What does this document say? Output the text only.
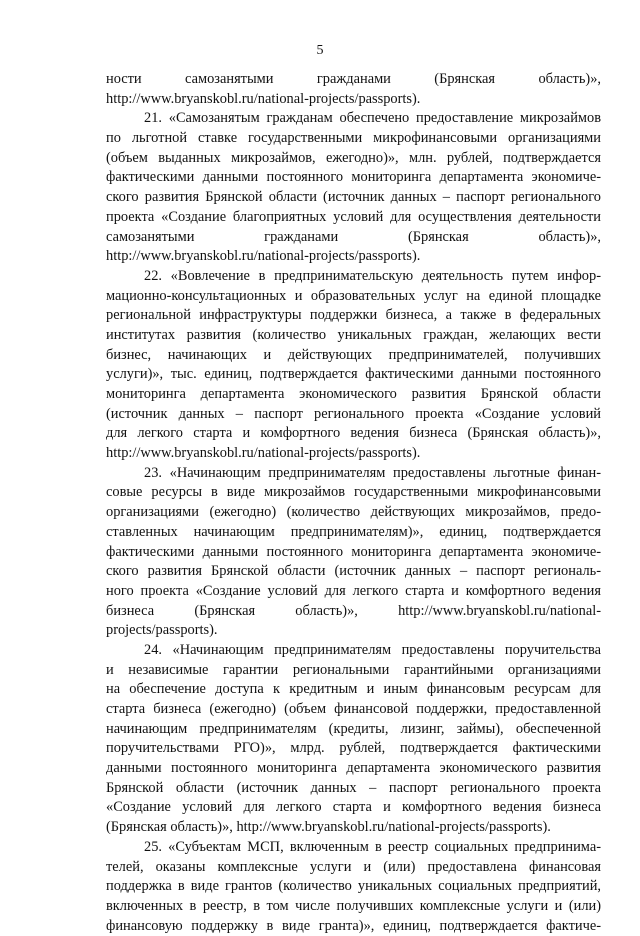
5
ности самозанятыми гражданами (Брянская область)»,
http://www.bryanskobl.ru/national-projects/passports).
21. «Самозанятым гражданам обеспечено предоставление микрозаймов
по льготной ставке государственными микрофинансовыми организациями
(объем выданных микрозаймов, ежегодно)», млн. рублей, подтверждается
фактическими данными постоянного мониторинга департамента экономиче-
ского развития Брянской области (источник данных – паспорт регионального
проекта «Создание благоприятных условий для осуществления деятельности
самозанятыми гражданами (Брянская область)»,
http://www.bryanskobl.ru/national-projects/passports).
22. «Вовлечение в предпринимательскую деятельность путем инфор-
мационно-консультационных и образовательных услуг на единой площадке
региональной инфраструктуры поддержки бизнеса, а также в федеральных
институтах развития (количество уникальных граждан, желающих вести
бизнес, начинающих и действующих предпринимателей, получивших
услуги)», тыс. единиц, подтверждается фактическими данными постоянного
мониторинга департамента экономического развития Брянской области
(источник данных – паспорт регионального проекта «Создание условий
для легкого старта и комфортного ведения бизнеса (Брянская область)»,
http://www.bryanskobl.ru/national-projects/passports).
23. «Начинающим предпринимателям предоставлены льготные финан-
совые ресурсы в виде микрозаймов государственными микрофинансовыми
организациями (ежегодно) (количество действующих микрозаймов, предо-
ставленных начинающим предпринимателям)», единиц, подтверждается
фактическими данными постоянного мониторинга департамента экономиче-
ского развития Брянской области (источник данных – паспорт региональ-
ного проекта «Создание условий для легкого старта и комфортного ведения
бизнеса (Брянская область)», http://www.bryanskobl.ru/national-
projects/passports).
24. «Начинающим предпринимателям предоставлены поручительства
и независимые гарантии региональными гарантийными организациями
на обеспечение доступа к кредитным и иным финансовым ресурсам для
старта бизнеса (ежегодно) (объем финансовой поддержки, предоставленной
начинающим предпринимателям (кредиты, лизинг, займы), обеспеченной
поручительствами РГО)», млрд. рублей, подтверждается фактическими
данными постоянного мониторинга департамента экономического развития
Брянской области (источник данных – паспорт регионального проекта
«Создание условий для легкого старта и комфортного ведения бизнеса
(Брянская область)», http://www.bryanskobl.ru/national-projects/passports).
25. «Субъектам МСП, включенным в реестр социальных предпринима-
телей, оказаны комплексные услуги и (или) предоставлена финансовая
поддержка в виде грантов (количество уникальных социальных предприятий,
включенных в реестр, в том числе получивших комплексные услуги и (или)
финансовую поддержку в виде гранта)», единиц, подтверждается фактиче-
